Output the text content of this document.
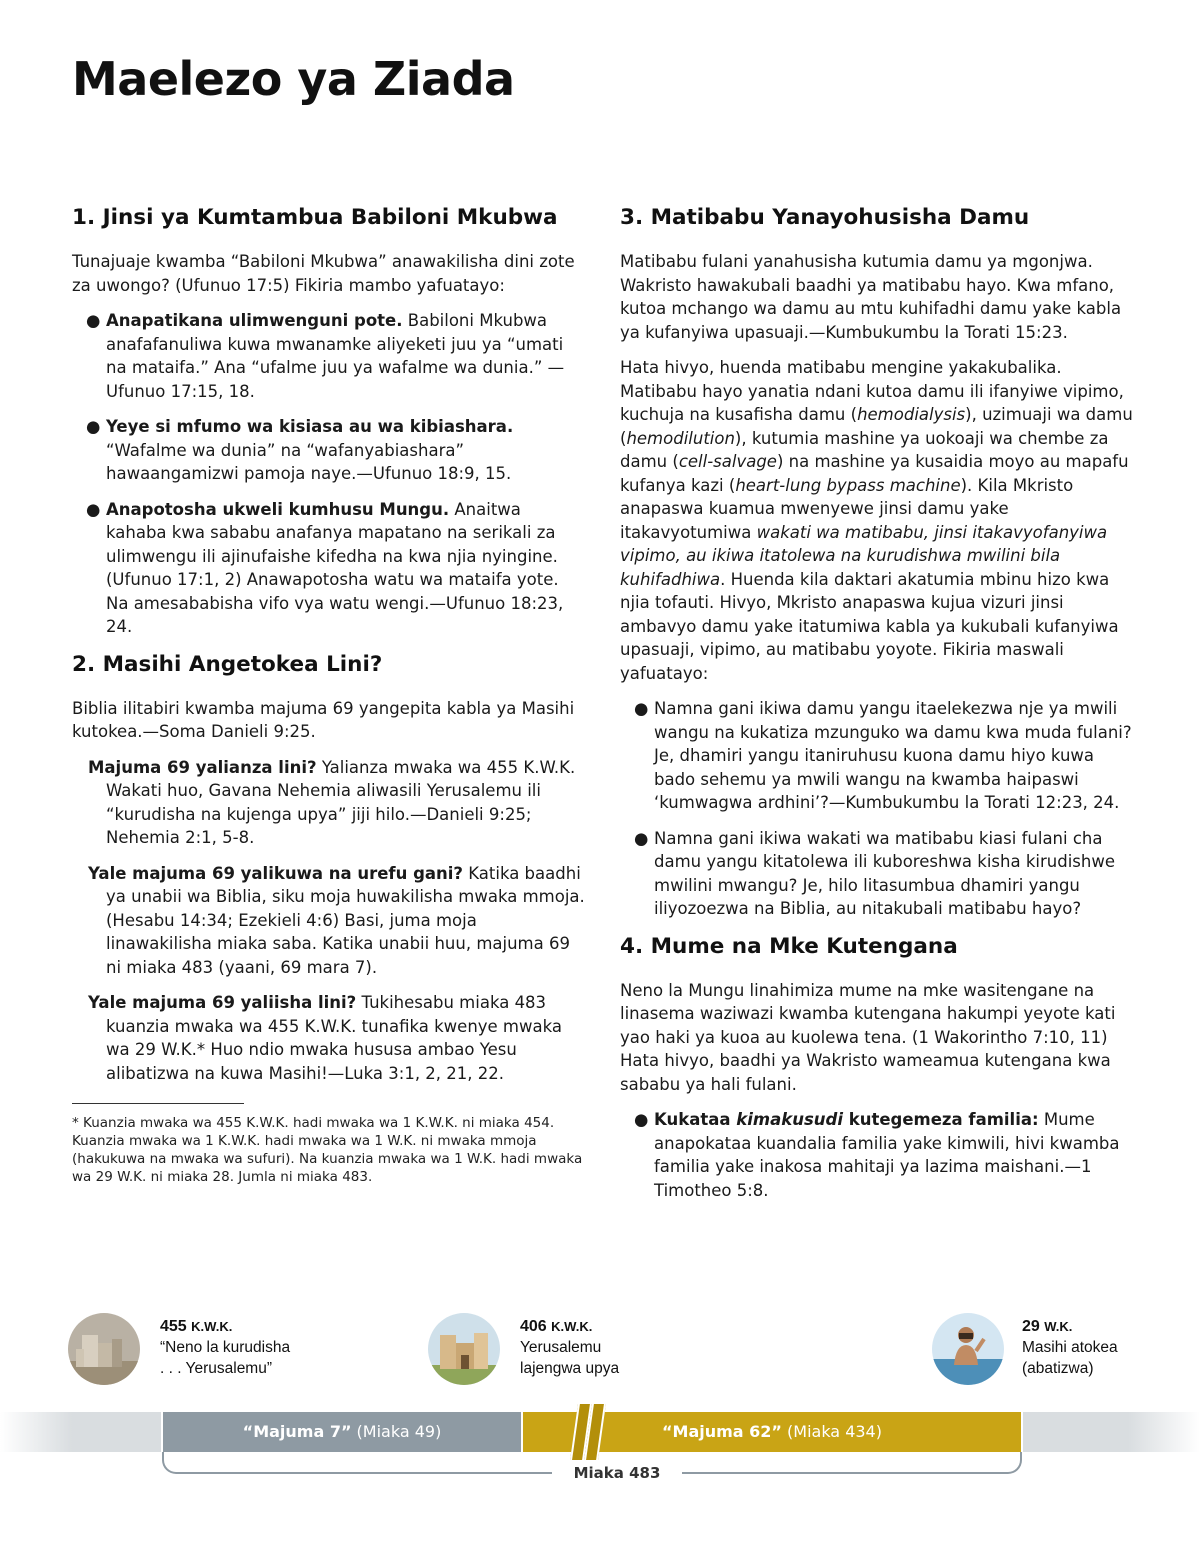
Maelezo ya Ziada
1. Jinsi ya Kumtambua Babiloni Mkubwa

Tunajuaje kwamba “Babiloni Mkubwa” anawakilisha dini zote za uwongo? (Ufunuo 17:5) Fikiria mambo yafuatayo:

● Anapatikana ulimwenguni pote. Babiloni Mkubwa anafafanuliwa kuwa mwanamke aliyeketi juu ya “umati na mataifa.” Ana “ufalme juu ya wafalme wa dunia.” —Ufunuo 17:15, 18.
● Yeye si mfumo wa kisiasa au wa kibiashara. “Wafalme wa dunia” na “wafanyabiashara” hawaangamizwi pamoja naye.—Ufunuo 18:9, 15.
● Anapotosha ukweli kumhusu Mungu. Anaitwa kahaba kwa sababu anafanya mapatano na serikali za ulimwengu ili ajinufaishe kifedha na kwa njia nyingine. (Ufunuo 17:1, 2) Anawapotosha watu wa mataifa yote. Na amesababisha vifo vya watu wengi.—Ufunuo 18:23, 24.
2. Masihi Angetokea Lini?

Biblia ilitabiri kwamba majuma 69 yangepita kabla ya Masihi kutokea.—Soma Danieli 9:25.

Majuma 69 yalianza lini? Yalianza mwaka wa 455 K.W.K. Wakati huo, Gavana Nehemia aliwasili Yerusalemu ili “kurudisha na kujenga upya” jiji hilo.—Danieli 9:25; Nehemia 2:1, 5-8.
Yale majuma 69 yalikuwa na urefu gani? Katika baadhi ya unabii wa Biblia, siku moja huwakilisha mwaka mmoja. (Hesabu 14:34; Ezekieli 4:6) Basi, juma moja linawakilisha miaka saba. Katika unabii huu, majuma 69 ni miaka 483 (yaani, 69 mara 7).
Yale majuma 69 yaliisha lini? Tukihesabu miaka 483 kuanzia mwaka wa 455 K.W.K. tunafika kwenye mwaka wa 29 W.K.* Huo ndio mwaka hususa ambao Yesu alibatizwa na kuwa Masihi!—Luka 3:1, 2, 21, 22.
* Kuanzia mwaka wa 455 K.W.K. hadi mwaka wa 1 K.W.K. ni miaka 454. Kuanzia mwaka wa 1 K.W.K. hadi mwaka wa 1 W.K. ni mwaka mmoja (hakukuwa na mwaka wa sufuri). Na kuanzia mwaka wa 1 W.K. hadi mwaka wa 29 W.K. ni miaka 28. Jumla ni miaka 483.
3. Matibabu Yanayohusisha Damu

Matibabu fulani yanahusisha kutumia damu ya mgonjwa. Wakristo hawakubali baadhi ya matibabu hayo. Kwa mfano, kutoa mchango wa damu au mtu kuhifadhi damu yake kabla ya kufanyiwa upasuaji.—Kumbukumbu la Torati 15:23.

Hata hivyo, huenda matibabu mengine yakakubalika. Matibabu hayo yanatia ndani kutoa damu ili ifanyiwe vipimo, kuchuja na kusafisha damu (hemodialysis), uzimuaji wa damu (hemodilution), kutumia mashine ya uokoaji wa chembe za damu (cell-salvage) na mashine ya kusaidia moyo au mapafu kufanya kazi (heart-lung bypass machine). Kila Mkristo anapaswa kuamua mwenyewe jinsi damu yake itakavyotumiwa wakati wa matibabu, jinsi itakavyofanyiwa vipimo, au ikiwa itatolewa na kurudishwa mwilini bila kuhifadhiwa. Huenda kila daktari akatumia mbinu hizo kwa njia tofauti. Hivyo, Mkristo anapaswa kujua vizuri jinsi ambavyo damu yake itatumiwa kabla ya kukubali kufanyiwa upasuaji, vipimo, au matibabu yoyote. Fikiria maswali yafuatayo:

● Namna gani ikiwa damu yangu itaelekezwa nje ya mwili wangu na kukatiza mzunguko wa damu kwa muda fulani? Je, dhamiri yangu itaniruhusu kuona damu hiyo kuwa bado sehemu ya mwili wangu na kwamba haipaswi ‘kumwagwa ardhini’?—Kumbukumbu la Torati 12:23, 24.
● Namna gani ikiwa wakati wa matibabu kiasi fulani cha damu yangu kitatolewa ili kuboreshwa kisha kirudishwe mwilini mwangu? Je, hilo litasumbua dhamiri yangu iliyozoezwa na Biblia, au nitakubali matibabu hayo?
4. Mume na Mke Kutengana

Neno la Mungu linahimiza mume na mke wasitengane na linasema waziwazi kwamba kutengana hakumpi yeyote kati yao haki ya kuoa au kuolewa tena. (1 Wakorintho 7:10, 11) Hata hivyo, baadhi ya Wakristo wameamua kutengana kwa sababu ya hali fulani.

● Kukataa kimakusudi kutegemeza familia: Mume anapokataa kuandalia familia yake kimwili, hivi kwamba familia yake inakosa mahitaji ya lazima maishani.—1 Timotheo 5:8.
455 K.W.K.
“Neno la kurudisha
. . . Yerusalemu”
406 K.W.K.
Yerusalemu
lajengwa upya
29 W.K.
Masihi atokea
(abatizwa)
“Majuma 7” (Miaka 49)	“Majuma 62” (Miaka 434)
Miaka 483
